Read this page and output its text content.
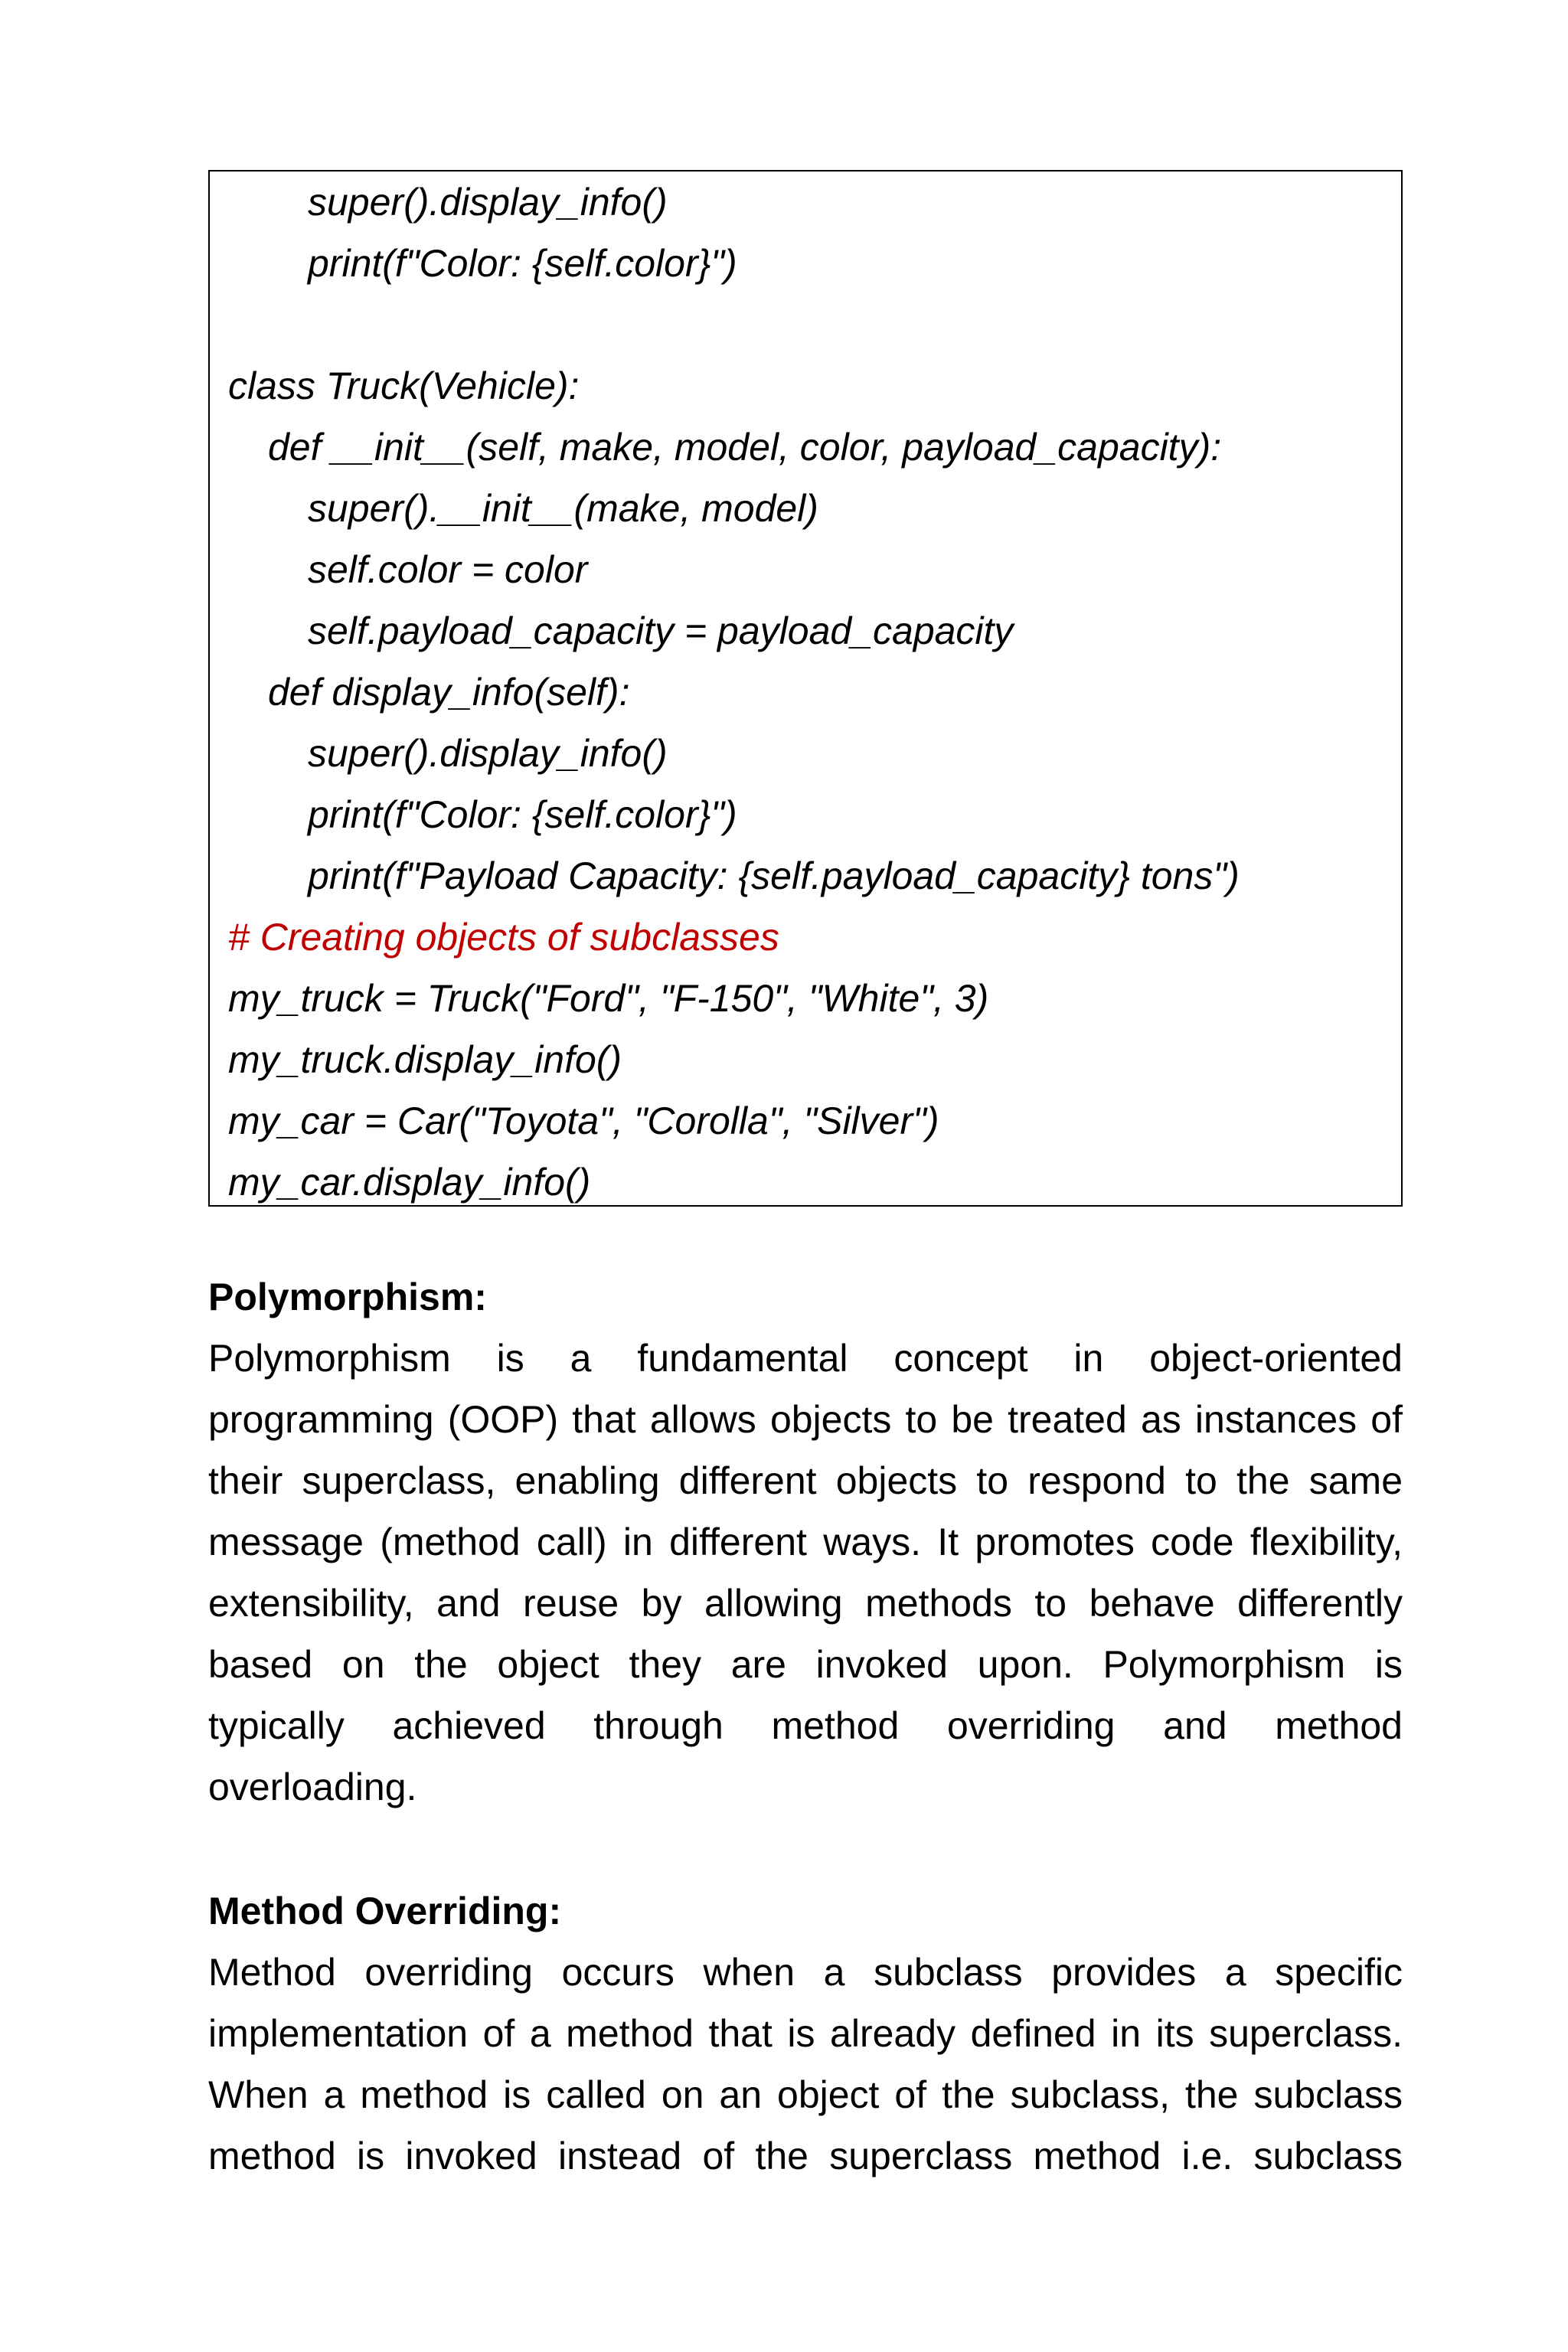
super().display_info()
print(f"Color: {self.color}")
class Truck(Vehicle):
def __init__(self, make, model, color, payload_capacity):
super().__init__(make, model)
self.color = color
self.payload_capacity = payload_capacity
def display_info(self):
super().display_info()
print(f"Color: {self.color}")
print(f"Payload Capacity: {self.payload_capacity} tons")
# Creating objects of subclasses
my_truck = Truck("Ford", "F-150", "White", 3)
my_truck.display_info()
my_car = Car("Toyota", "Corolla", "Silver")
my_car.display_info()
Polymorphism:
Polymorphism is a fundamental concept in object-oriented
programming (OOP) that allows objects to be treated as instances of
their superclass, enabling different objects to respond to the same
message (method call) in different ways. It promotes code flexibility,
extensibility, and reuse by allowing methods to behave differently
based on the object they are invoked upon. Polymorphism is
typically achieved through method overriding and method
overloading.
Method Overriding:
Method overriding occurs when a subclass provides a specific
implementation of a method that is already defined in its superclass.
When a method is called on an object of the subclass, the subclass
method is invoked instead of the superclass method i.e. subclass
